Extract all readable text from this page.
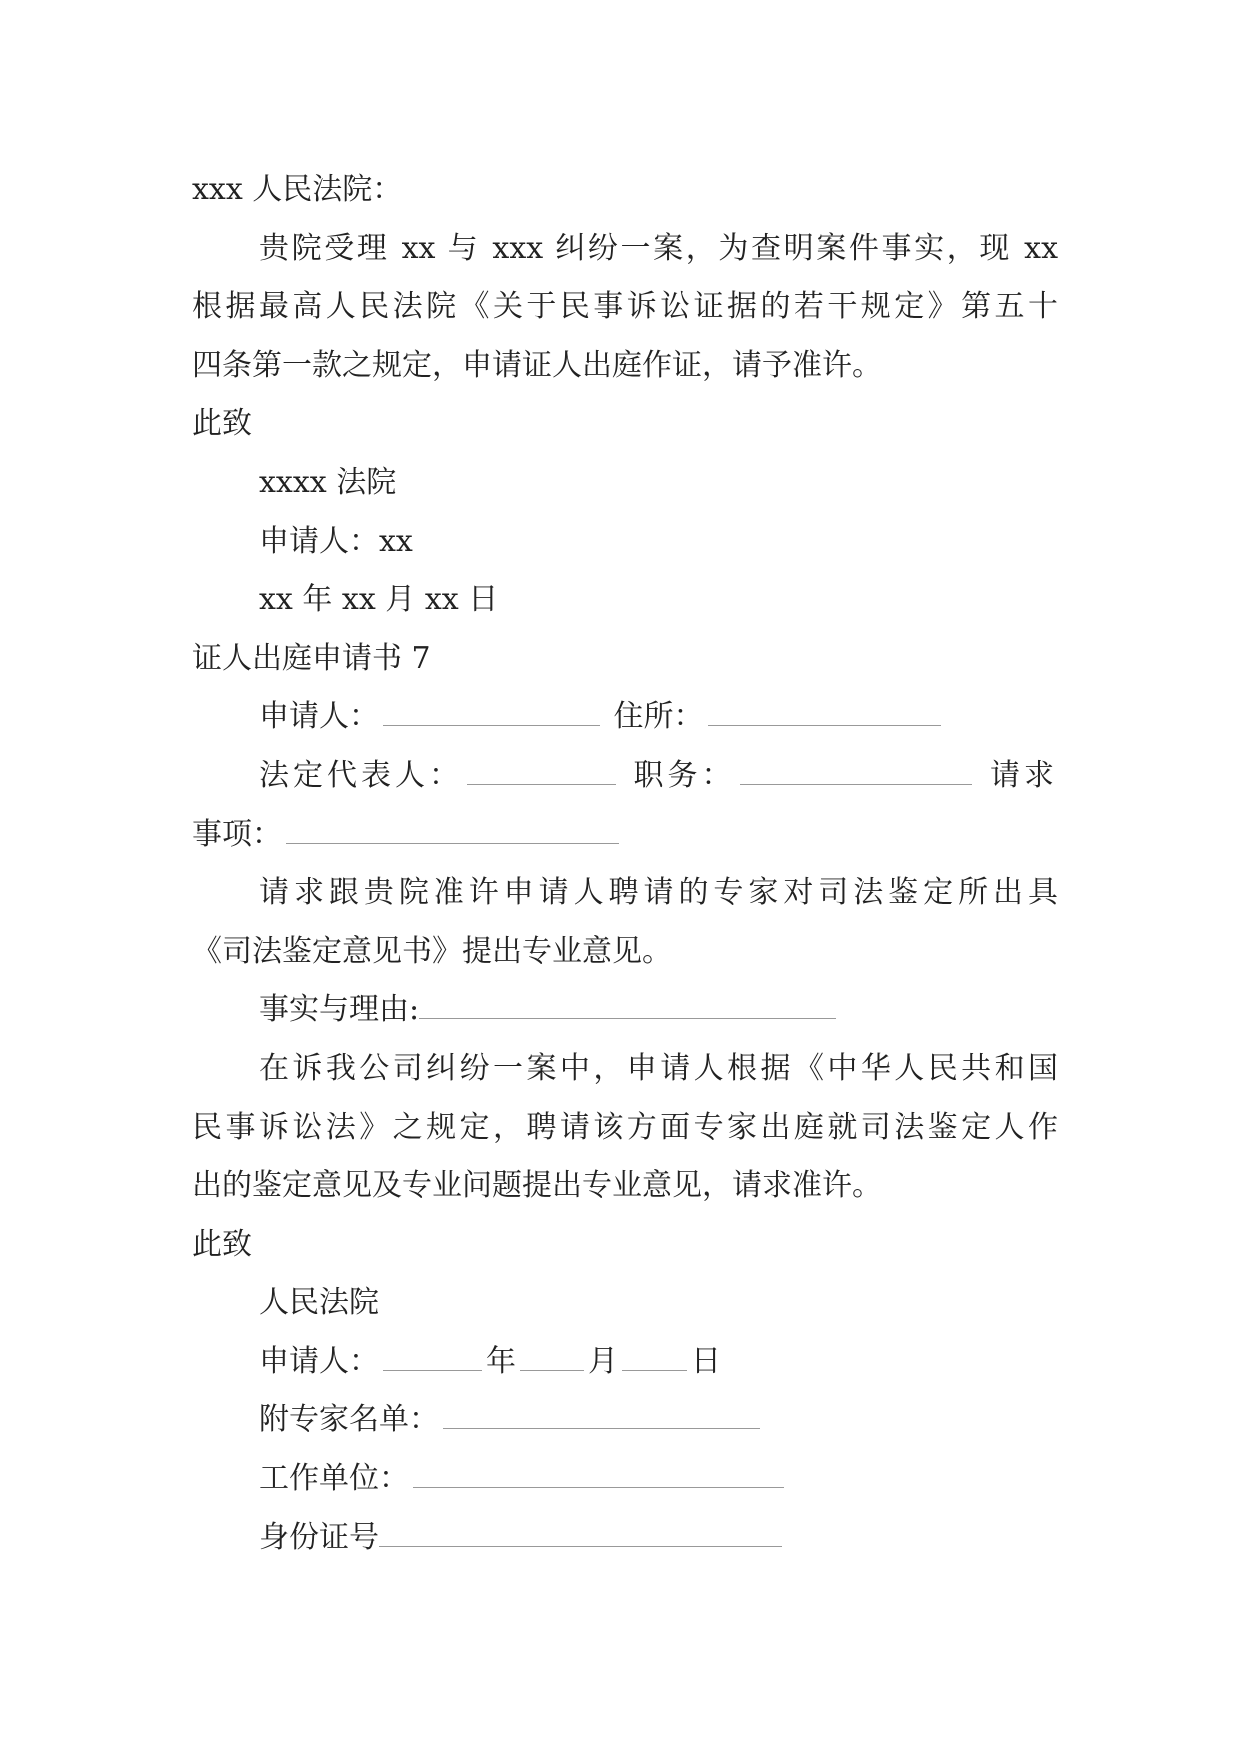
xxx 人民法院：
贵院受理 xx 与 xxx 纠纷一案，为查明案件事实，现 xx
根据最高人民法院《关于民事诉讼证据的若干规定》第五十
四条第一款之规定，申请证人出庭作证，请予准许。
此致
xxxx 法院
申请人：xx
xx 年 xx 月 xx 日
证人出庭申请书 7
申请人：	住所：
法定代表人：	职务：	请求
事项：
请求跟贵院准许申请人聘请的专家对司法鉴定所出具
《司法鉴定意见书》提出专业意见。
事实与理由:
在诉我公司纠纷一案中，申请人根据《中华人民共和国
民事诉讼法》之规定，聘请该方面专家出庭就司法鉴定人作
出的鉴定意见及专业问题提出专业意见，请求准许。
此致
人民法院
申请人：	年 月 日
附专家名单：
工作单位：
身份证号
